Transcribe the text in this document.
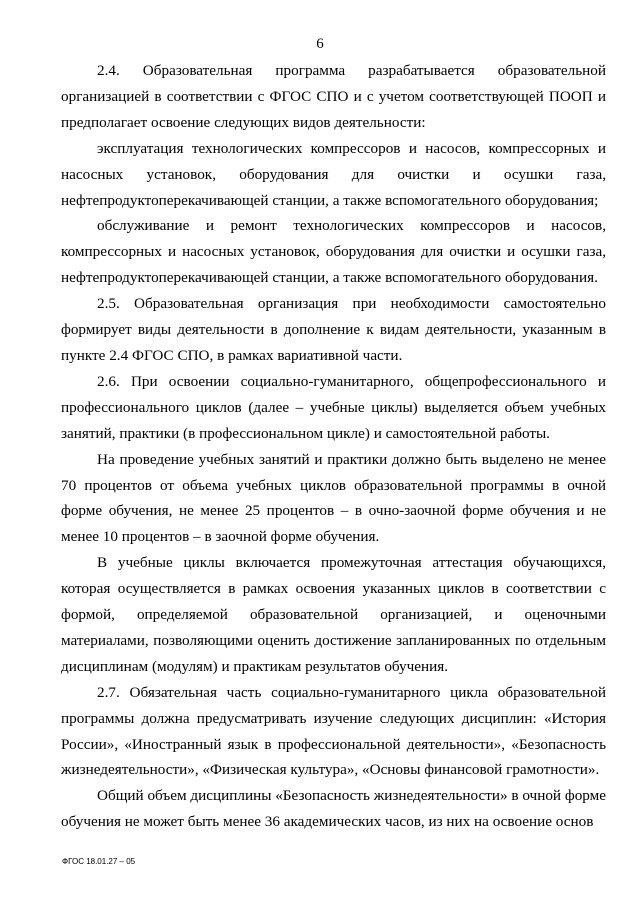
6

2.4. Образовательная программа разрабатывается образовательной организацией в соответствии с ФГОС СПО и с учетом соответствующей ПООП и предполагает освоение следующих видов деятельности:

эксплуатация технологических компрессоров и насосов, компрессорных и насосных установок, оборудования для очистки и осушки газа, нефтепродуктоперекачивающей станции, а также вспомогательного оборудования;

обслуживание и ремонт технологических компрессоров и насосов, компрессорных и насосных установок, оборудования для очистки и осушки газа, нефтепродуктоперекачивающей станции, а также вспомогательного оборудования.

2.5. Образовательная организация при необходимости самостоятельно формирует виды деятельности в дополнение к видам деятельности, указанным в пункте 2.4 ФГОС СПО, в рамках вариативной части.

2.6. При освоении социально-гуманитарного, общепрофессионального и профессионального циклов (далее – учебные циклы) выделяется объем учебных занятий, практики (в профессиональном цикле) и самостоятельной работы.

На проведение учебных занятий и практики должно быть выделено не менее 70 процентов от объема учебных циклов образовательной программы в очной форме обучения, не менее 25 процентов – в очно-заочной форме обучения и не менее 10 процентов – в заочной форме обучения.

В учебные циклы включается промежуточная аттестация обучающихся, которая осуществляется в рамках освоения указанных циклов в соответствии с формой, определяемой образовательной организацией, и оценочными материалами, позволяющими оценить достижение запланированных по отдельным дисциплинам (модулям) и практикам результатов обучения.

2.7. Обязательная часть социально-гуманитарного цикла образовательной программы должна предусматривать изучение следующих дисциплин: «История России», «Иностранный язык в профессиональной деятельности», «Безопасность жизнедеятельности», «Физическая культура», «Основы финансовой грамотности».

Общий объем дисциплины «Безопасность жизнедеятельности» в очной форме обучения не может быть менее 36 академических часов, из них на освоение основ

ФГОС 18.01.27 – 05
